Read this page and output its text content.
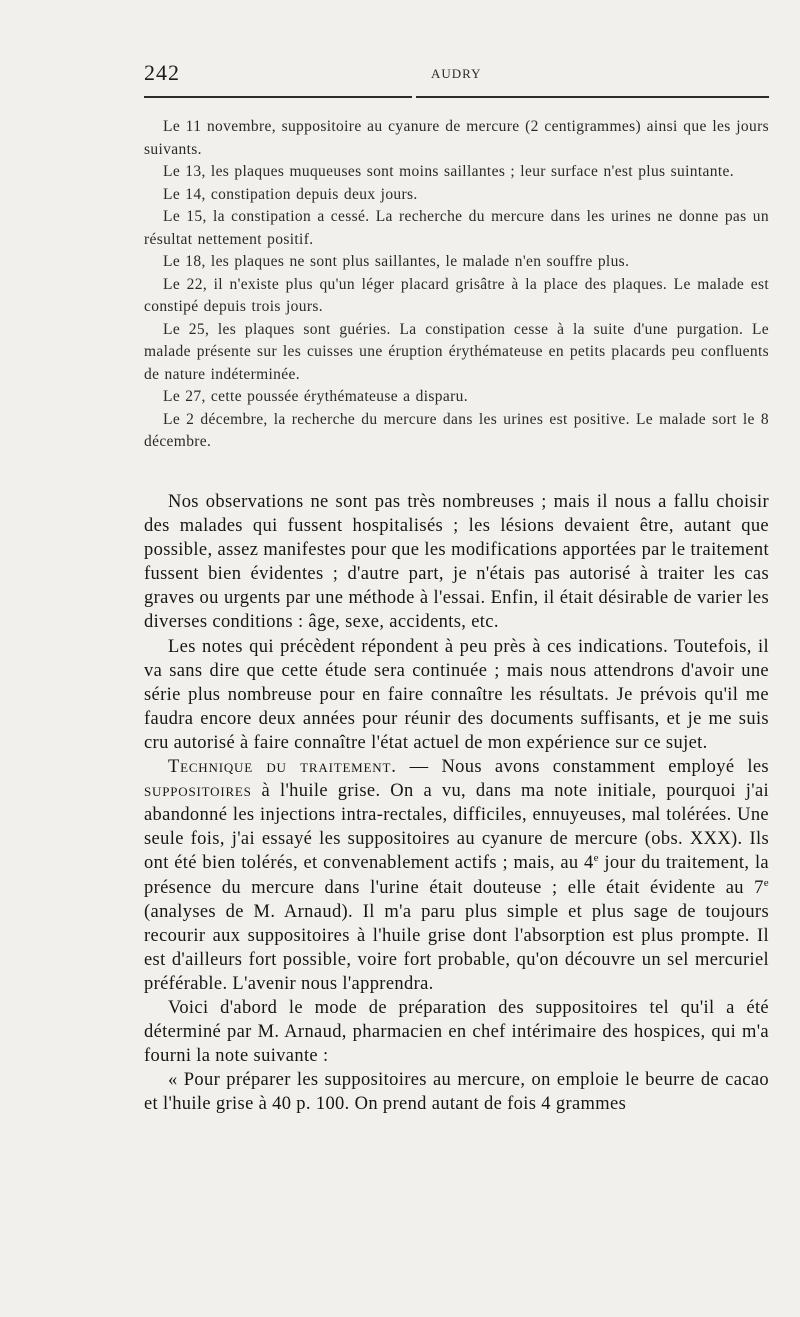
242	AUDRY

Le 11 novembre, suppositoire au cyanure de mercure (2 centigrammes) ainsi que les jours suivants.

Le 13, les plaques muqueuses sont moins saillantes ; leur surface n'est plus suintante.

Le 14, constipation depuis deux jours.

Le 15, la constipation a cessé. La recherche du mercure dans les urines ne donne pas un résultat nettement positif.

Le 18, les plaques ne sont plus saillantes, le malade n'en souffre plus.

Le 22, il n'existe plus qu'un léger placard grisâtre à la place des plaques. Le malade est constipé depuis trois jours.

Le 25, les plaques sont guéries. La constipation cesse à la suite d'une purgation. Le malade présente sur les cuisses une éruption érythémateuse en petits placards peu confluents de nature indéterminée.

Le 27, cette poussée érythémateuse a disparu.

Le 2 décembre, la recherche du mercure dans les urines est positive. Le malade sort le 8 décembre.

Nos observations ne sont pas très nombreuses ; mais il nous a fallu choisir des malades qui fussent hospitalisés ; les lésions devaient être, autant que possible, assez manifestes pour que les modifications apportées par le traitement fussent bien évidentes ; d'autre part, je n'étais pas autorisé à traiter les cas graves ou urgents par une méthode à l'essai. Enfin, il était désirable de varier les diverses conditions : âge, sexe, accidents, etc.

Les notes qui précèdent répondent à peu près à ces indications. Toutefois, il va sans dire que cette étude sera continuée ; mais nous attendrons d'avoir une série plus nombreuse pour en faire connaître les résultats. Je prévois qu'il me faudra encore deux années pour réunir des documents suffisants, et je me suis cru autorisé à faire connaître l'état actuel de mon expérience sur ce sujet.

Technique du traitement. — Nous avons constamment employé les suppositoires à l'huile grise. On a vu, dans ma note initiale, pourquoi j'ai abandonné les injections intra-rectales, difficiles, ennuyeuses, mal tolérées. Une seule fois, j'ai essayé les suppositoires au cyanure de mercure (obs. XXX). Ils ont été bien tolérés, et convenablement actifs ; mais, au 4e jour du traitement, la présence du mercure dans l'urine était douteuse ; elle était évidente au 7e (analyses de M. Arnaud). Il m'a paru plus simple et plus sage de toujours recourir aux suppositoires à l'huile grise dont l'absorption est plus prompte. Il est d'ailleurs fort possible, voire fort probable, qu'on découvre un sel mercuriel préférable. L'avenir nous l'apprendra.

Voici d'abord le mode de préparation des suppositoires tel qu'il a été déterminé par M. Arnaud, pharmacien en chef intérimaire des hospices, qui m'a fourni la note suivante :

« Pour préparer les suppositoires au mercure, on emploie le beurre de cacao et l'huile grise à 40 p. 100. On prend autant de fois 4 grammes
